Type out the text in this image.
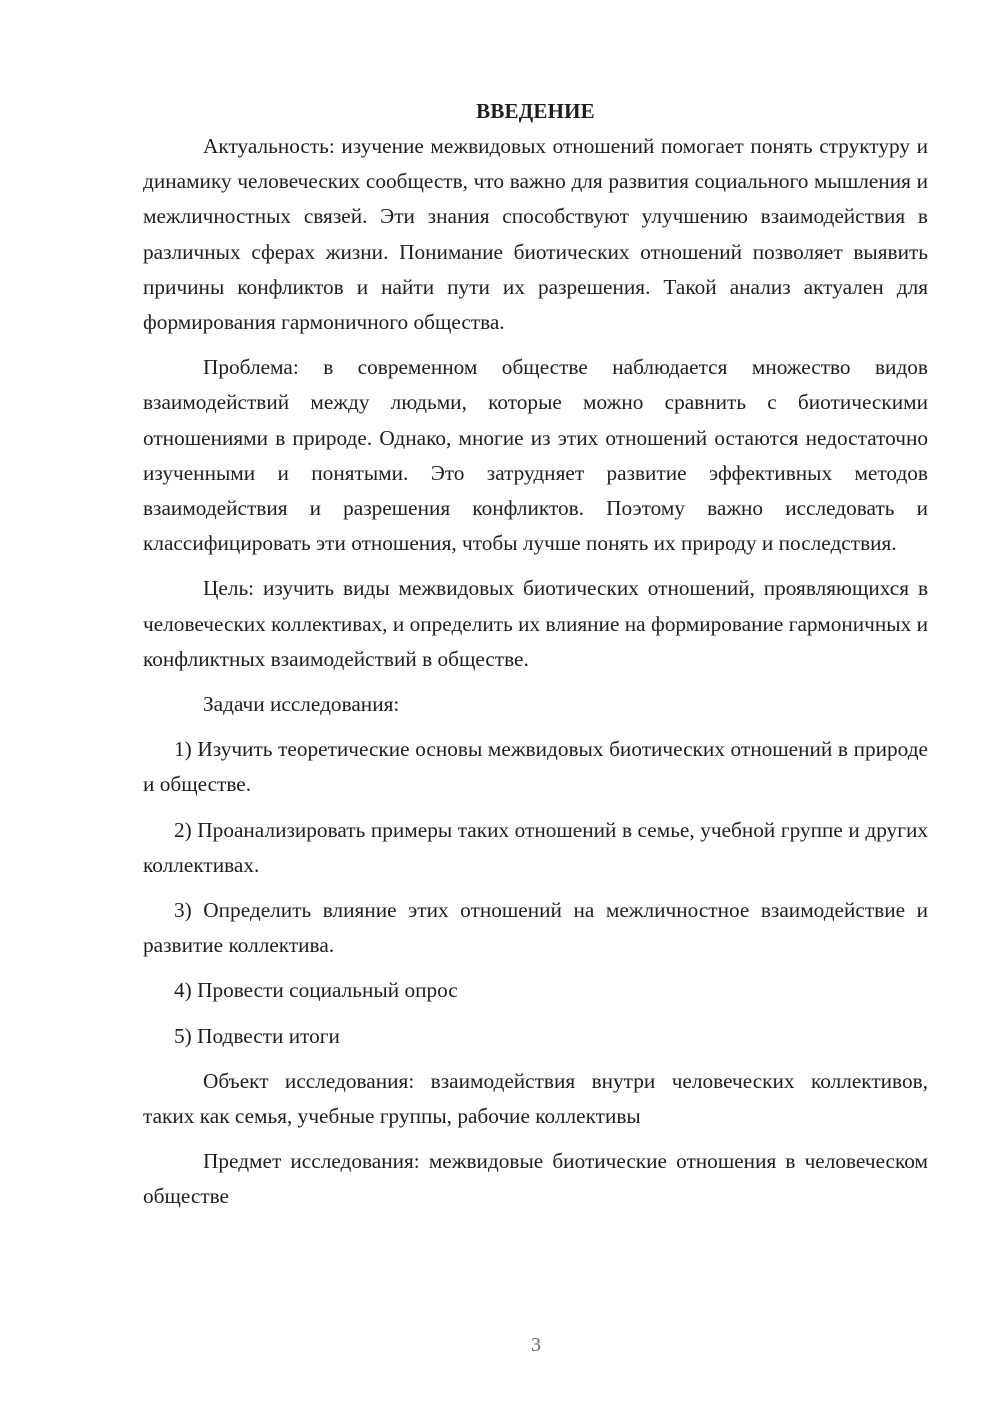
ВВЕДЕНИЕ

Актуальность: изучение межвидовых отношений помогает понять структуру и динамику человеческих сообществ, что важно для развития социального мышления и межличностных связей. Эти знания способствуют улучшению взаимодействия в различных сферах жизни. Понимание биотических отношений позволяет выявить причины конфликтов и найти пути их разрешения. Такой анализ актуален для формирования гармоничного общества.

Проблема: в современном обществе наблюдается множество видов взаимодействий между людьми, которые можно сравнить с биотическими отношениями в природе. Однако, многие из этих отношений остаются недостаточно изученными и понятыми. Это затрудняет развитие эффективных методов взаимодействия и разрешения конфликтов. Поэтому важно исследовать и классифицировать эти отношения, чтобы лучше понять их природу и последствия.

Цель: изучить виды межвидовых биотических отношений, проявляющихся в человеческих коллективах, и определить их влияние на формирование гармоничных и конфликтных взаимодействий в обществе.

Задачи исследования:

1) Изучить теоретические основы межвидовых биотических отношений в природе и обществе.

2) Проанализировать примеры таких отношений в семье, учебной группе и других коллективах.

3) Определить влияние этих отношений на межличностное взаимодействие и развитие коллектива.

4) Провести социальный опрос

5) Подвести итоги

Объект исследования: взаимодействия внутри человеческих коллективов, таких как семья, учебные группы, рабочие коллективы

Предмет исследования: межвидовые биотические отношения в человеческом обществе

3
